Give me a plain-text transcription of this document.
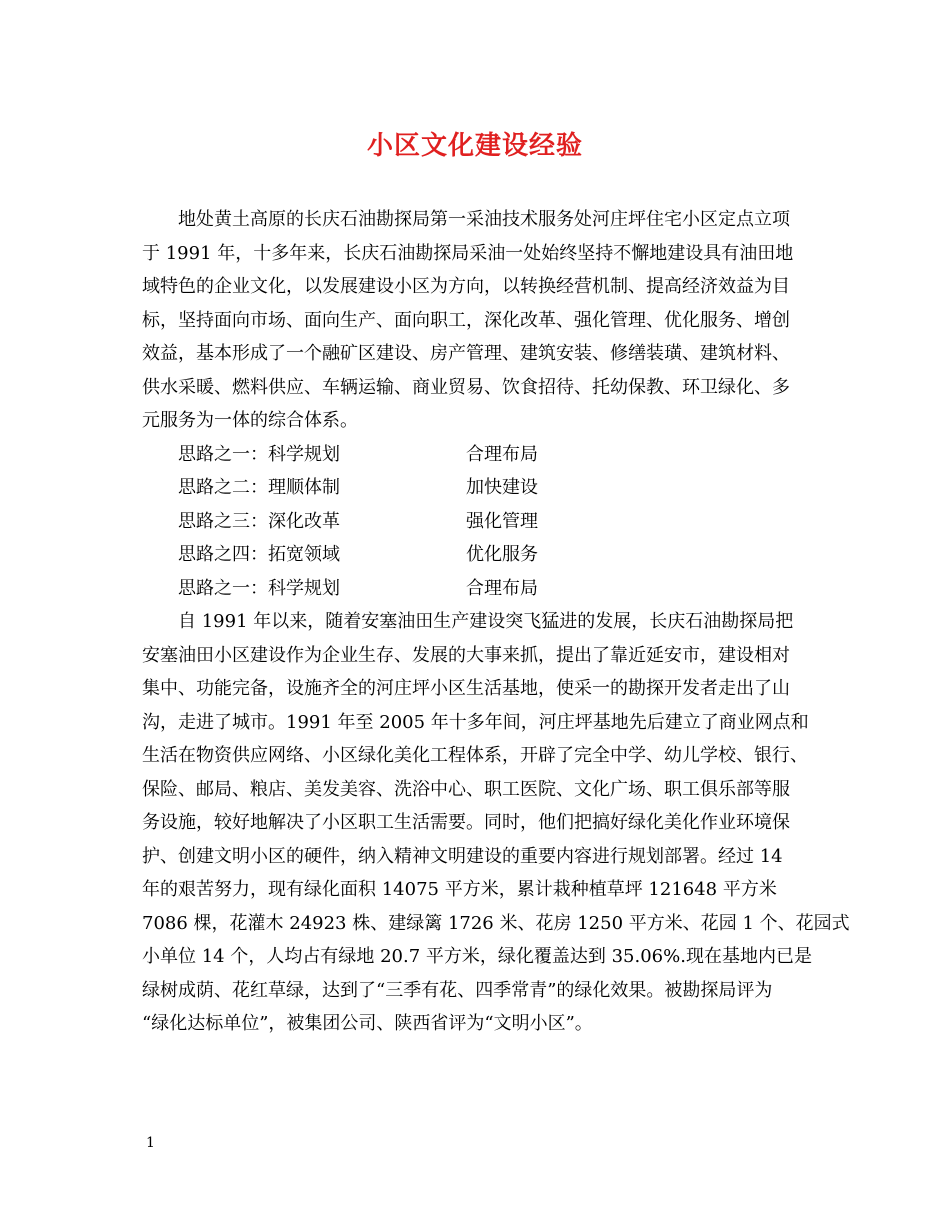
小区文化建设经验
地处黄土高原的长庆石油勘探局第一采油技术服务处河庄坪住宅小区定点立项
于 1991 年，十多年来，长庆石油勘探局采油一处始终坚持不懈地建设具有油田地
域特色的企业文化，以发展建设小区为方向，以转换经营机制、提高经济效益为目
标，坚持面向市场、面向生产、面向职工，深化改革、强化管理、优化服务、增创
效益，基本形成了一个融矿区建设、房产管理、建筑安装、修缮装璜、建筑材料、
供水采暖、燃料供应、车辆运输、商业贸易、饮食招待、托幼保教、环卫绿化、多
元服务为一体的综合体系。
思路之一：科学规划	合理布局
思路之二：理顺体制	加快建设
思路之三：深化改革	强化管理
思路之四：拓宽领域	优化服务
思路之一：科学规划	合理布局
自 1991 年以来，随着安塞油田生产建设突飞猛进的发展，长庆石油勘探局把
安塞油田小区建设作为企业生存、发展的大事来抓，提出了靠近延安市，建设相对
集中、功能完备，设施齐全的河庄坪小区生活基地，使采一的勘探开发者走出了山
沟，走进了城市。1991 年至 2005 年十多年间，河庄坪基地先后建立了商业网点和
生活在物资供应网络、小区绿化美化工程体系，开辟了完全中学、幼儿学校、银行、
保险、邮局、粮店、美发美容、洗浴中心、职工医院、文化广场、职工俱乐部等服
务设施，较好地解决了小区职工生活需要。同时，他们把搞好绿化美化作业环境保
护、创建文明小区的硬件，纳入精神文明建设的重要内容进行规划部署。经过 14
年的艰苦努力，现有绿化面积 14075 平方米，累计栽种植草坪 121648 平方米
7086 棵，花灌木 24923 株、建绿篱 1726 米、花房 1250 平方米、花园 1 个、花园式
小单位 14 个，人均占有绿地 20.7 平方米，绿化覆盖达到 35.06%.现在基地内已是
绿树成荫、花红草绿，达到了“三季有花、四季常青”的绿化效果。被勘探局评为
“绿化达标单位”，被集团公司、陕西省评为“文明小区”。
1
